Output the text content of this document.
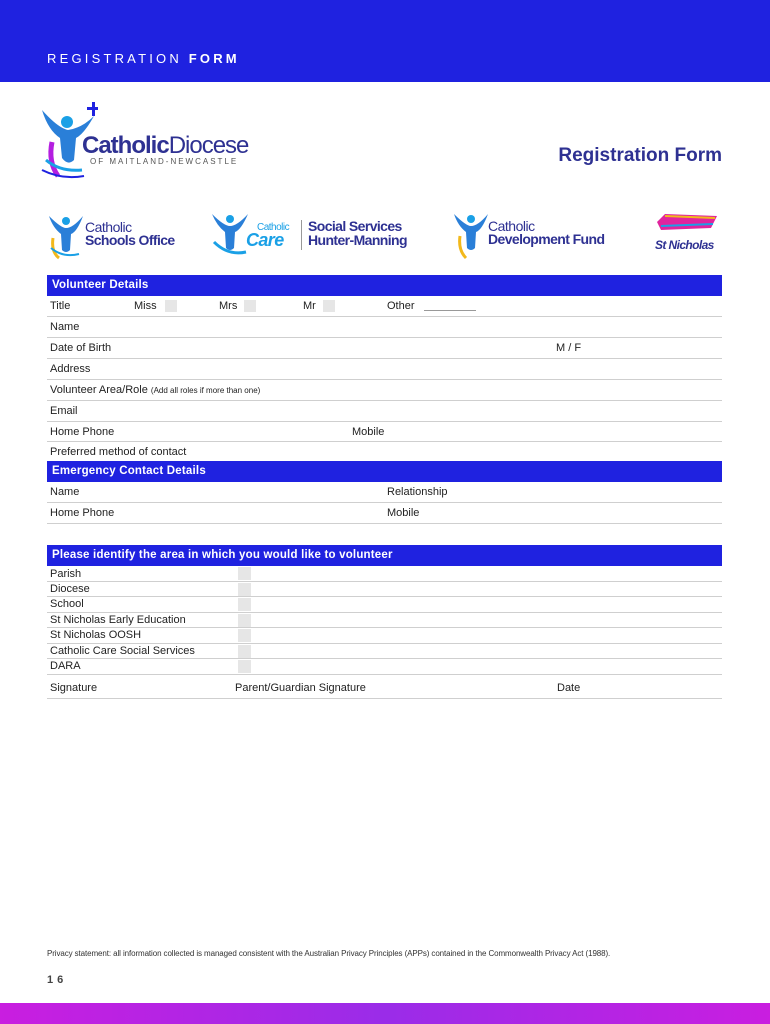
REGISTRATION FORM
CatholicDiocese
OF MAITLAND-NEWCASTLE	Registration Form
Catholic
Schools Office
Catholic
Care
Social Services
Hunter-Manning
Catholic
Development Fund	St Nicholas
Volunteer Details
Title	Miss	Mrs	Mr	Other
Name
Date of Birth	M / F
Address
Volunteer Area/Role (Add all roles if more than one)
Email
Home Phone	Mobile
Preferred method of contact
Emergency Contact Details
Name	Relationship
Home Phone	Mobile
Please identify the area in which you would like to volunteer
Parish
Diocese
School
St Nicholas Early Education
St Nicholas OOSH
Catholic Care Social Services
DARA
Signature	Parent/Guardian Signature	Date
Privacy statement: all information collected is managed consistent with the Australian Privacy Principles (APPs) contained in the Commonwealth Privacy Act (1988).
16
